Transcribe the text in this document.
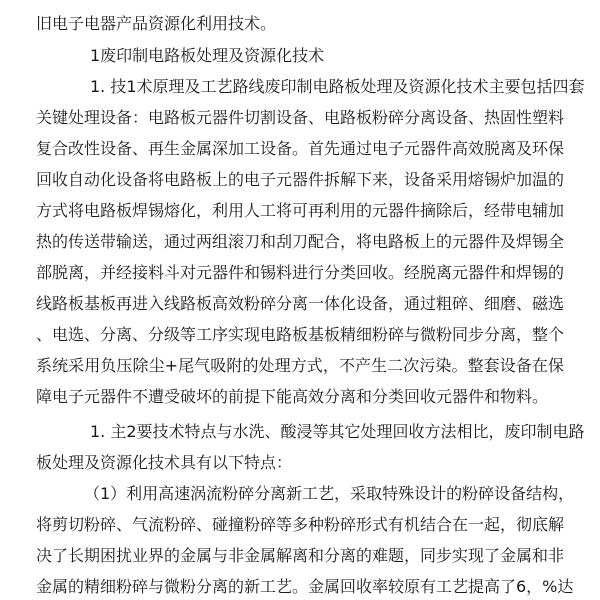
旧电子电器产品资源化利用技术。
1废印制电路板处理及资源化技术
1. 技1术原理及工艺路线废印制电路板处理及资源化技术主要包括四套
关键处理设备：电路板元器件切割设备、电路板粉碎分离设备、热固性塑料
复合改性设备、再生金属深加工设备。首先通过电子元器件高效脱离及环保
回收自动化设备将电路板上的电子元器件拆解下来，设备采用熔锡炉加温的
方式将电路板焊锡熔化，利用人工将可再利用的元器件摘除后，经带电辅加
热的传送带输送，通过两组滚刀和刮刀配合，将电路板上的元器件及焊锡全
部脱离，并经接料斗对元器件和锡料进行分类回收。经脱离元器件和焊锡的
线路板基板再进入线路板高效粉碎分离一体化设备，通过粗碎、细磨、磁选
、电选、分离、分级等工序实现电路板基板精细粉碎与微粉同步分离，整个
系统采用负压除尘+尾气吸附的处理方式，不产生二次污染。整套设备在保
障电子元器件不遭受破坏的前提下能高效分离和分类回收元器件和物料。
1. 主2要技术特点与水洗、酸浸等其它处理回收方法相比，废印制电路
板处理及资源化技术具有以下特点：
（1）利用高速涡流粉碎分离新工艺，采取特殊设计的粉碎设备结构，
将剪切粉碎、气流粉碎、碰撞粉碎等多种粉碎形式有机结合在一起，彻底解
决了长期困扰业界的金属与非金属解离和分离的难题，同步实现了金属和非
金属的精细粉碎与微粉分离的新工艺。金属回收率较原有工艺提高了6，%达
